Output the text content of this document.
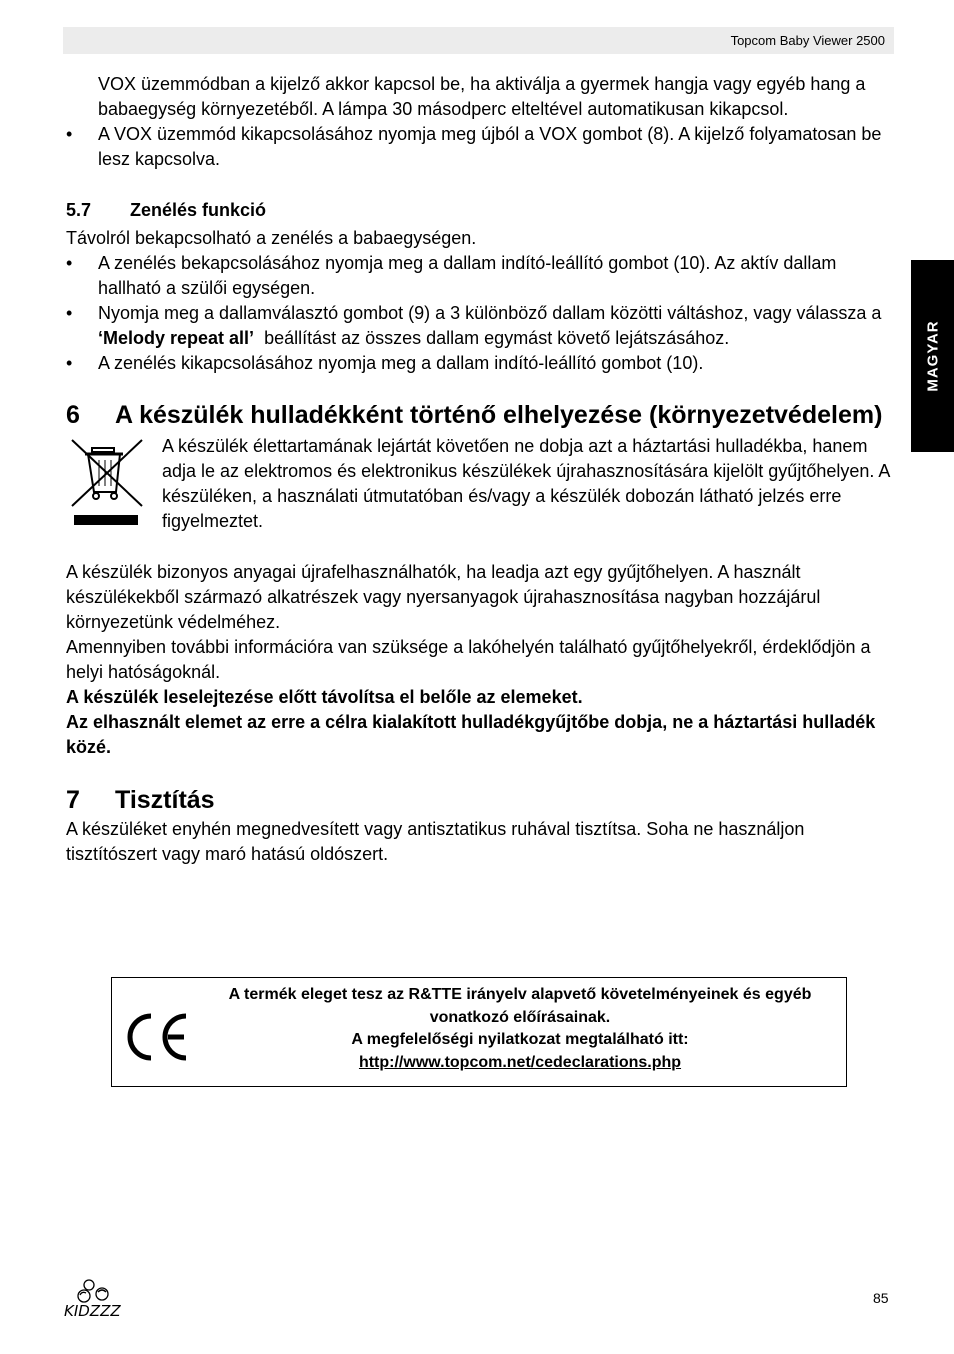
Topcom Baby Viewer 2500
MAGYAR

VOX üzemmódban a kijelző akkor kapcsol be, ha aktiválja a gyermek hangja vagy egyéb hang a babaegység környezetéből. A lámpa 30 másodperc elteltével automatikusan kikapcsol.

• A VOX üzemmód kikapcsolásához nyomja meg újból a VOX gombot (8). A kijelző folyamatosan be lesz kapcsolva.
5.7	Zenélés funkció

Távolról bekapcsolható a zenélés a babaegységen.

• A zenélés bekapcsolásához nyomja meg a dallam indító-leállító gombot (10). Az aktív dallam hallható a szülői egységen.
• Nyomja meg a dallamválasztó gombot (9) a 3 különböző dallam közötti váltáshoz, vagy válassza a ‘Melody repeat all’  beállítást az összes dallam egymást követő lejátszásához.
• A zenélés kikapcsolásához nyomja meg a dallam indító-leállító gombot (10).
6	A készülék hulladékként történő elhelyezése (környezetvédelem)

A készülék élettartamának lejártát követően ne dobja azt a háztartási hulladékba, hanem adja le az elektromos és elektronikus készülékek újrahasznosítására kijelölt gyűjtőhelyen. A készüléken, a használati útmutatóban és/vagy a készülék dobozán látható jelzés erre figyelmeztet.

A készülék bizonyos anyagai újrafelhasználhatók, ha leadja azt egy gyűjtőhelyen. A használt készülékekből származó alkatrészek vagy nyersanyagok újrahasznosítása nagyban hozzájárul környezetünk védelméhez.

Amennyiben további információra van szüksége a lakóhelyén található gyűjtőhelyekről, érdeklődjön a helyi hatóságoknál.

A készülék leselejtezése előtt távolítsa el belőle az elemeket.

Az elhasznált elemet az erre a célra kialakított hulladékgyűjtőbe dobja, ne a háztartási hulladék közé.

7	Tisztítás

A készüléket enyhén megnedvesített vagy antisztatikus ruhával tisztítsa. Soha ne használjon tisztítószert vagy maró hatású oldószert.

A termék eleget tesz az R&TTE irányelv alapvető követelményeinek és egyéb vonatkozó előírásainak.
A megfelelőségi nyilatkozat megtalálható itt:
http://www.topcom.net/cedeclarations.php
KIDZZZ
85
